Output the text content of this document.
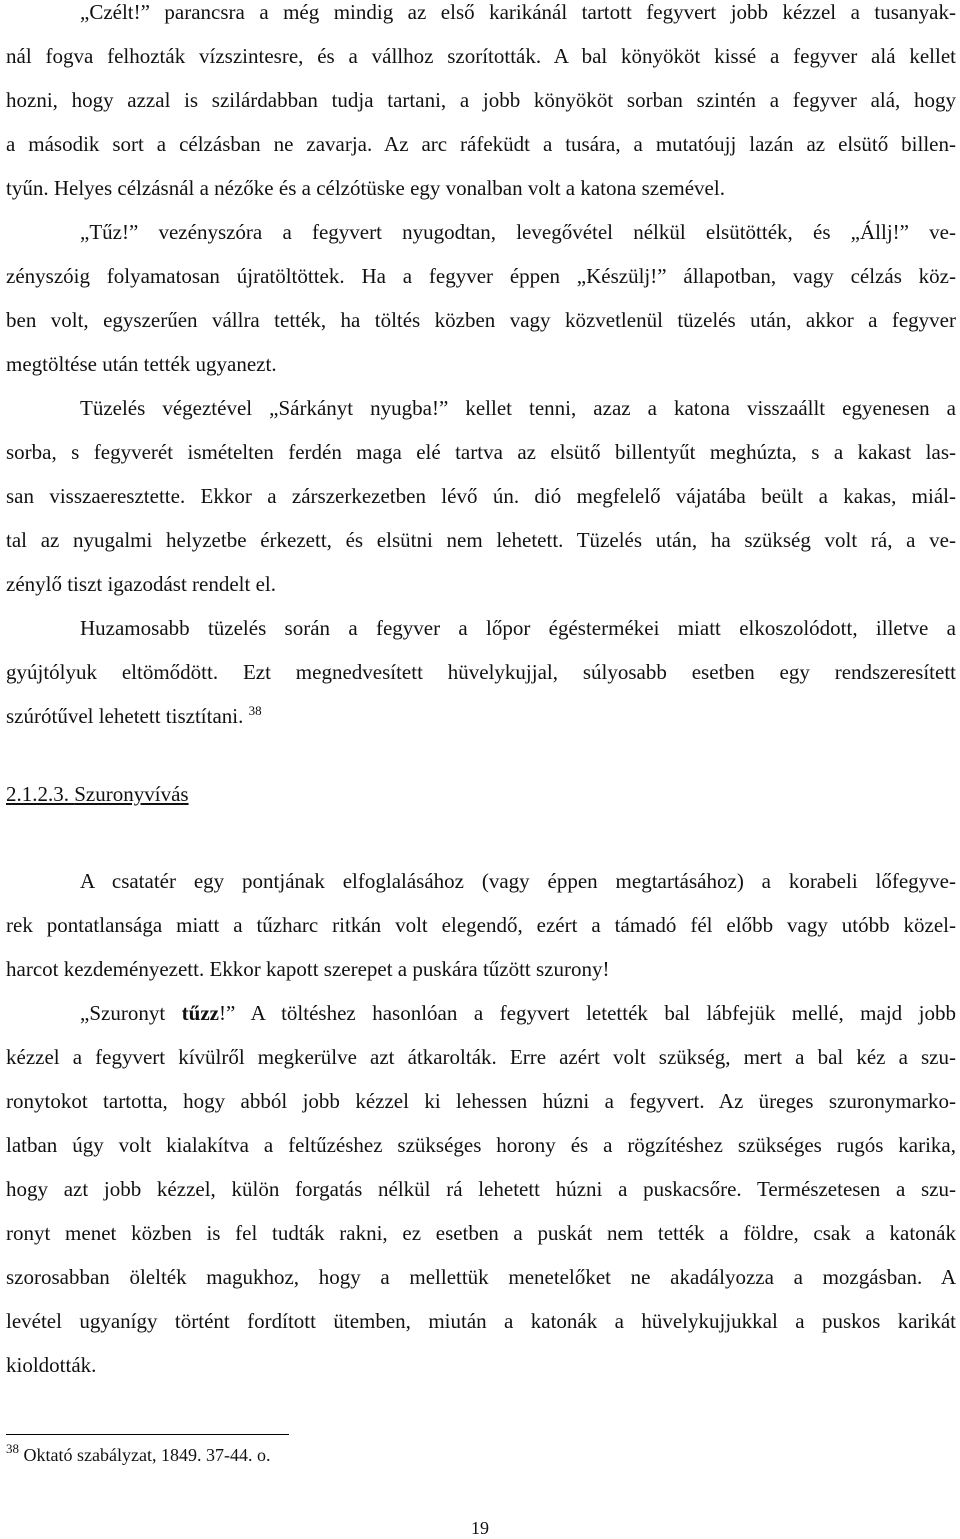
„Czélt!” parancsra a még mindig az első karikánál tartott fegyvert jobb kézzel a tusanyak-
nál fogva felhozták vízszintesre, és a vállhoz szorították. A bal könyököt kissé a fegyver alá kellet
hozni, hogy azzal is szilárdabban tudja tartani, a jobb könyököt sorban szintén a fegyver alá, hogy
a második sort a célzásban ne zavarja. Az arc ráfeküdt a tusára, a mutatóujj lazán az elsütő billen-
tyűn. Helyes célzásnál a nézőke és a célzótüske egy vonalban volt a katona szemével.
„Tűz!” vezényszóra a fegyvert nyugodtan, levegővétel nélkül elsütötték, és „Állj!” ve-
zényszóig folyamatosan újratöltöttek. Ha a fegyver éppen „Készülj!” állapotban, vagy célzás köz-
ben volt, egyszerűen vállra tették, ha töltés közben vagy közvetlenül tüzelés után, akkor a fegyver
megtöltése után tették ugyanezt.
Tüzelés végeztével „Sárkányt nyugba!” kellet tenni, azaz a katona visszaállt egyenesen a
sorba, s fegyverét ismételten ferdén maga elé tartva az elsütő billentyűt meghúzta, s a kakast las-
san visszaeresztette. Ekkor a zárszerkezetben lévő ún. dió megfelelő vájatába beült a kakas, miál-
tal az nyugalmi helyzetbe érkezett, és elsütni nem lehetett. Tüzelés után, ha szükség volt rá, a ve-
zénylő tiszt igazodást rendelt el.
Huzamosabb tüzelés során a fegyver a lőpor égéstermékei miatt elkoszolódott, illetve a
gyújtólyuk eltömődött. Ezt megnedvesített hüvelykujjal, súlyosabb esetben egy rendszeresített
szúrótűvel lehetett tisztítani. $^{38}$
2.1.2.3. Szuronyvívás
A csatatér egy pontjának elfoglalásához (vagy éppen megtartásához) a korabeli lőfegyve-
rek pontatlansága miatt a tűzharc ritkán volt elegendő, ezért a támadó fél előbb vagy utóbb közel-
harcot kezdeményezett. Ekkor kapott szerepet a puskára tűzött szurony!
„Szuronyt tűzz!” A töltéshez hasonlóan a fegyvert letették bal lábfejük mellé, majd jobb
kézzel a fegyvert kívülről megkerülve azt átkarolták. Erre azért volt szükség, mert a bal kéz a szu-
ronytokot tartotta, hogy abból jobb kézzel ki lehessen húzni a fegyvert. Az üreges szuronymarko-
latban úgy volt kialakítva a feltűzéshez szükséges horony és a rögzítéshez szükséges rugós karika,
hogy azt jobb kézzel, külön forgatás nélkül rá lehetett húzni a puskacsőre. Természetesen a szu-
ronyt menet közben is fel tudták rakni, ez esetben a puskát nem tették a földre, csak a katonák
szorosabban ölelték magukhoz, hogy a mellettük menetelőket ne akadályozza a mozgásban. A
levétel ugyanígy történt fordított ütemben, miután a katonák a hüvelykujjukkal a puskos karikát
kioldották.
$^{38}$ Oktató szabályzat, 1849. 37-44. o.
19
